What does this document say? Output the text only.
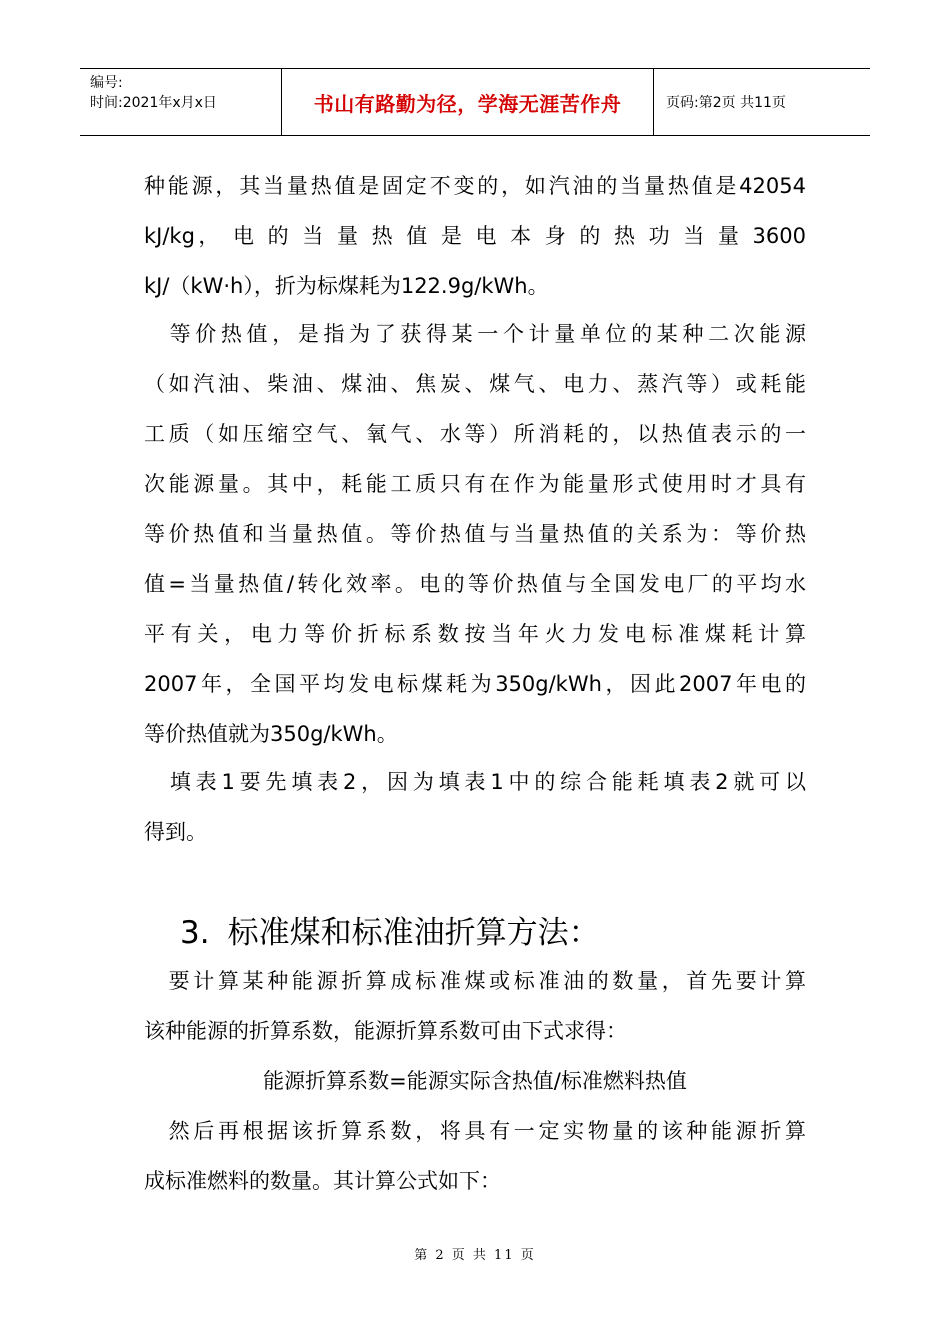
编号:
时间:2021年x月x日	书山有路勤为径，学海无涯苦作舟	页码:第2页 共11页
种能源，其当量热值是固定不变的，如汽油的当量热值是42054
kJ/kg， 电 的 当 量 热 值 是 电 本 身 的 热 功 当 量 3600
kJ/（kW·h），折为标煤耗为122.9g/kWh。
　等价热值，是指为了获得某一个计量单位的某种二次能源
（如汽油、柴油、煤油、焦炭、煤气、电力、蒸汽等）或耗能
工质（如压缩空气、氧气、水等）所消耗的，以热值表示的一
次能源量。其中，耗能工质只有在作为能量形式使用时才具有
等价热值和当量热值。等价热值与当量热值的关系为：等价热
值=当量热值/转化效率。电的等价热值与全国发电厂的平均水
平有关，电力等价折标系数按当年火力发电标准煤耗计算
2007年，全国平均发电标煤耗为350g/kWh，因此2007年电的
等价热值就为350g/kWh。
　填表1要先填表2，因为填表1中的综合能耗填表2就可以
得到。
3. 标准煤和标准油折算方法：
　要计算某种能源折算成标准煤或标准油的数量，首先要计算
该种能源的折算系数，能源折算系数可由下式求得：
能源折算系数=能源实际含热值/标准燃料热值
　然后再根据该折算系数，将具有一定实物量的该种能源折算
成标准燃料的数量。其计算公式如下：
第 2 页 共 11 页
